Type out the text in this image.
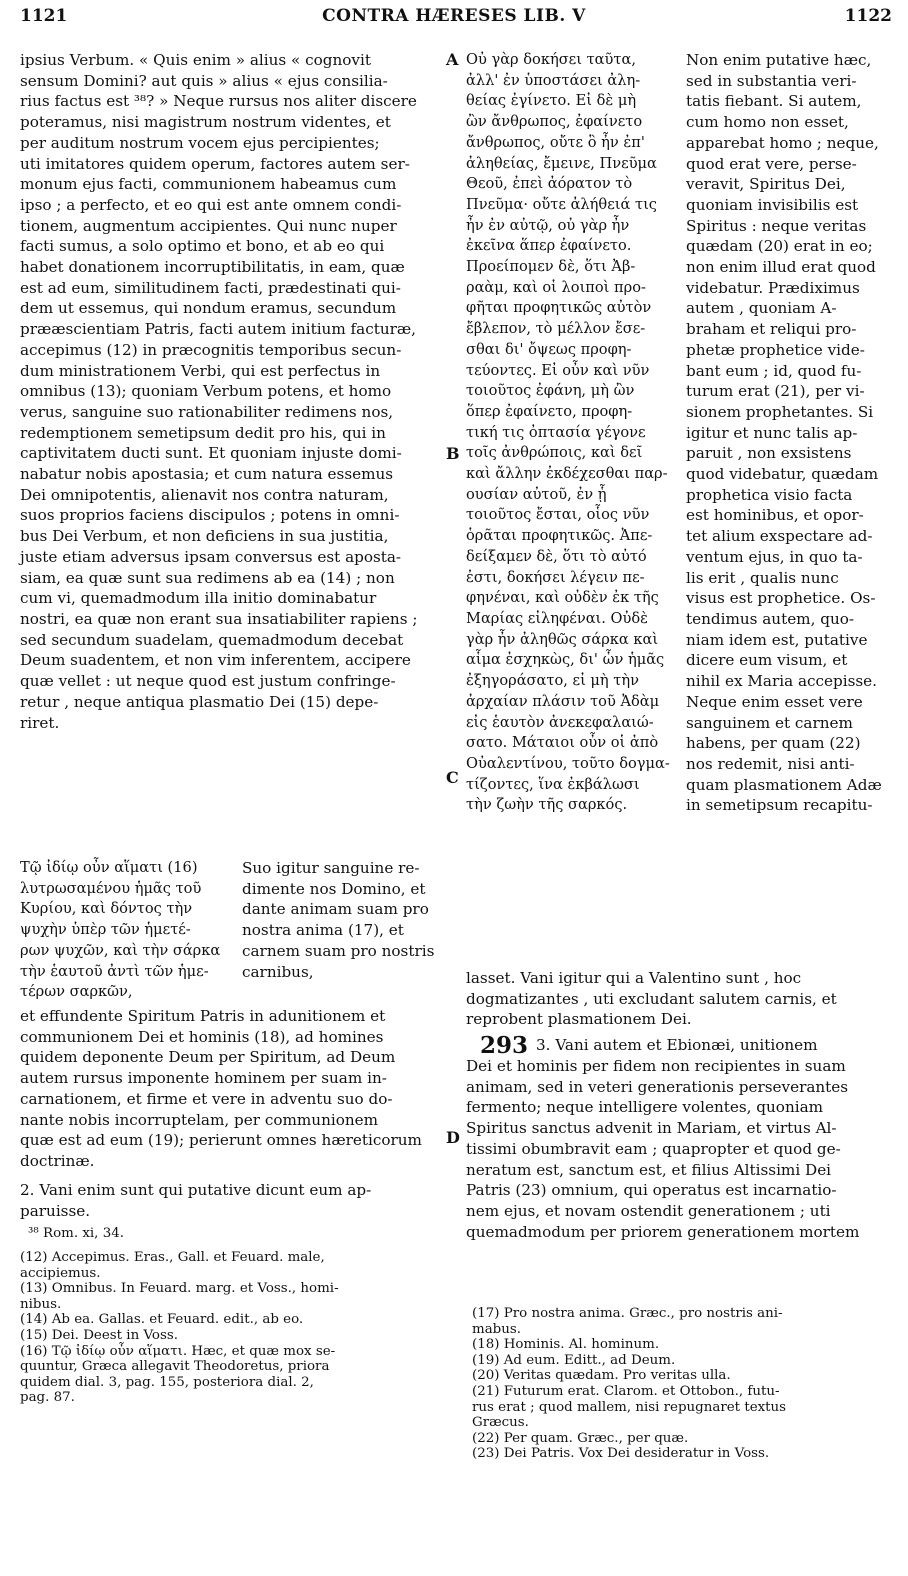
CONTRA HÆRESES LIB. V
1121	1122
ipsius Verbum. « Quis enim » alius « cognovit
sensum Domini? aut quis » alius « ejus consilia-
rius factus est ³⁸? » Neque rursus nos aliter discere
poteramus, nisi magistrum nostrum videntes, et
per auditum nostrum vocem ejus percipientes;
uti imitatores quidem operum, factores autem ser-
monum ejus facti, communionem habeamus cum
ipso ; a perfecto, et eo qui est ante omnem condi-
tionem, augmentum accipientes. Qui nunc nuper
facti sumus, a solo optimo et bono, et ab eo qui
habet donationem incorruptibilitatis, in eam, quæ
est ad eum, similitudinem facti, prædestinati qui-
dem ut essemus, qui nondum eramus, secundum
prææscientiam Patris, facti autem initium facturæ,
accepimus (12) in præcognitis temporibus secun-
dum ministrationem Verbi, qui est perfectus in
omnibus (13); quoniam Verbum potens, et homo
verus, sanguine suo rationabiliter redimens nos,
redemptionem semetipsum dedit pro his, qui in
captivitatem ducti sunt. Et quoniam injuste domi-
nabatur nobis apostasia; et cum natura essemus
Dei omnipotentis, alienavit nos contra naturam,
suos proprios faciens discipulos ; potens in omni-
bus Dei Verbum, et non deficiens in sua justitia,
juste etiam adversus ipsam conversus est aposta-
siam, ea quæ sunt sua redimens ab ea (14) ; non
cum vi, quemadmodum illa initio dominabatur
nostri, ea quæ non erant sua insatiabiliter rapiens ;
sed secundum suadelam, quemadmodum decebat
Deum suadentem, et non vim inferentem, accipere
quæ vellet : ut neque quod est justum confringe-
retur , neque antiqua plasmatio Dei (15) depe-
riret.
Τῷ ἰδίῳ οὖν αἵματι (16)
λυτρωσαμένου ἡμᾶς τοῦ
Κυρίου, καὶ δόντος τὴν
ψυχὴν ὑπὲρ τῶν ἡμετέ-
ρων ψυχῶν, καὶ τὴν σάρκα
τὴν ἑαυτοῦ ἀντὶ τῶν ἡμε-
τέρων σαρκῶν,
Suo igitur sanguine re-
dimente nos Domino, et
dante animam suam pro
nostra anima (17), et
carnem suam pro nostris
carnibus,
et effundente Spiritum Patris in adunitionem et
communionem Dei et hominis (18), ad homines
quidem deponente Deum per Spiritum, ad Deum
autem rursus imponente hominem per suam in-
carnationem, et firme et vere in adventu suo do-
nante nobis incorruptelam, per communionem
quæ est ad eum (19); perierunt omnes hæreticorum
doctrinæ.
2. Vani enim sunt qui putative dicunt eum ap-
paruisse.
³⁸ Rom. xi, 34.
(12) Accepimus. Eras., Gall. et Feuard. male,
accipiemus.
(13) Omnibus. In Feuard. marg. et Voss., homi-
nibus.
(14) Ab ea. Gallas. et Feuard. edit., ab eo.
(15) Dei. Deest in Voss.
(16) Τῷ ἰδίῳ οὖν αἵματι. Hæc, et quæ mox se-
quuntur, Græca allegavit Theodoretus, priora
quidem dial. 3, pag. 155, posteriora dial. 2,
pag. 87.
A
B
C
D
Οὐ γὰρ δοκήσει ταῦτα,
ἀλλ' ἐν ὑποστάσει ἀλη-
θείας ἐγίνετο. Εἰ δὲ μὴ
ὢν ἄνθρωπος, ἐφαίνετο
ἄνθρωπος, οὔτε ὃ ἦν ἐπ'
ἀληθείας, ἔμεινε, Πνεῦμα
Θεοῦ, ἐπεὶ ἀόρατον τὸ
Πνεῦμα· οὔτε ἀλήθειά τις
ἦν ἐν αὐτῷ, οὐ γὰρ ἦν
ἐκεῖνα ἅπερ ἐφαίνετο.
Προείπομεν δὲ, ὅτι Ἀβ-
ραὰμ, καὶ οἱ λοιποὶ προ-
φῆται προφητικῶς αὐτὸν
ἔβλεπον, τὸ μέλλον ἔσε-
σθαι δι' ὄψεως προφη-
τεύοντες. Εἰ οὖν καὶ νῦν
τοιοῦτος ἐφάνη, μὴ ὢν
ὅπερ ἐφαίνετο, προφη-
τική τις ὀπτασία γέγονε
τοῖς ἀνθρώποις, καὶ δεῖ
καὶ ἄλλην ἐκδέχεσθαι παρ-
ουσίαν αὐτοῦ, ἐν ᾗ
τοιοῦτος ἔσται, οἷος νῦν
ὁρᾶται προφητικῶς. Ἀπε-
δείξαμεν δὲ, ὅτι τὸ αὐτό
ἐστι, δοκήσει λέγειν πε-
φηνέναι, καὶ οὐδὲν ἐκ τῆς
Μαρίας εἰληφέναι. Οὐδὲ
γὰρ ἦν ἀληθῶς σάρκα καὶ
αἷμα ἐσχηκὼς, δι' ὧν ἡμᾶς
ἐξηγοράσατο, εἰ μὴ τὴν
ἀρχαίαν πλάσιν τοῦ Ἀδὰμ
εἰς ἑαυτὸν ἀνεκεφαλαιώ-
σατο. Μάταιοι οὖν οἱ ἀπὸ
Οὐαλεντίνου, τοῦτο δογμα-
τίζοντες, ἵνα ἐκβάλωσι
τὴν ζωὴν τῆς σαρκός.
Non enim putative hæc,
sed in substantia veri-
tatis fiebant. Si autem,
cum homo non esset,
apparebat homo ; neque,
quod erat vere, perse-
veravit, Spiritus Dei,
quoniam invisibilis est
Spiritus : neque veritas
quædam (20) erat in eo;
non enim illud erat quod
videbatur. Prædiximus
autem , quoniam A-
braham et reliqui pro-
phetæ prophetice vide-
bant eum ; id, quod fu-
turum erat (21), per vi-
sionem prophetantes. Si
igitur et nunc talis ap-
paruit , non exsistens
quod videbatur, quædam
prophetica visio facta
est hominibus, et opor-
tet alium exspectare ad-
ventum ejus, in quo ta-
lis erit , qualis nunc
visus est prophetice. Os-
tendimus autem, quo-
niam idem est, putative
dicere eum visum, et
nihil ex Maria accepisse.
Neque enim esset vere
sanguinem et carnem
habens, per quam (22)
nos redemit, nisi anti-
quam plasmationem Adæ
in semetipsum recapitu-
lasset. Vani igitur qui a Valentino sunt , hoc
dogmatizantes , uti excludant salutem carnis, et
reprobent plasmationem Dei.
293 3. Vani autem et Ebionæi, unitionem
Dei et hominis per fidem non recipientes in suam
animam, sed in veteri generationis perseverantes
fermento; neque intelligere volentes, quoniam
Spiritus sanctus advenit in Mariam, et virtus Al-
tissimi obumbravit eam ; quapropter et quod ge-
neratum est, sanctum est, et filius Altissimi Dei
Patris (23) omnium, qui operatus est incarnatio-
nem ejus, et novam ostendit generationem ; uti
quemadmodum per priorem generationem mortem
(17) Pro nostra anima. Græc., pro nostris ani-
mabus.
(18) Hominis. Al. hominum.
(19) Ad eum. Editt., ad Deum.
(20) Veritas quædam. Pro veritas ulla.
(21) Futurum erat. Clarom. et Ottobon., futu-
rus erat ; quod mallem, nisi repugnaret textus
Græcus.
(22) Per quam. Græc., per quæ.
(23) Dei Patris. Vox Dei desideratur in Voss.
